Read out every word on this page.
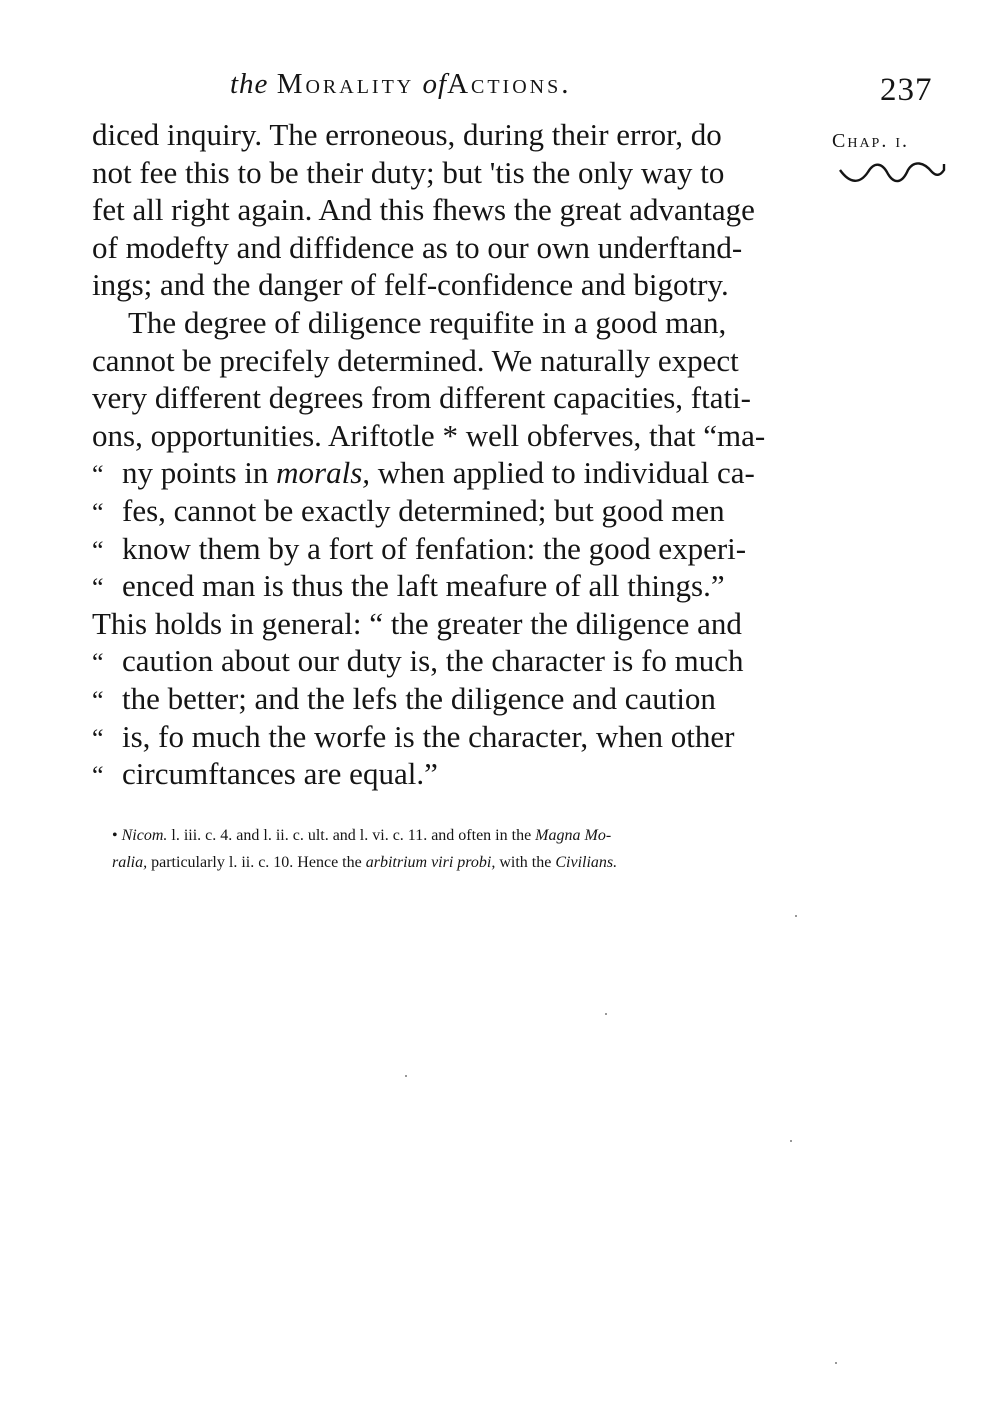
the Morality ofActions.	237
Chap. i.
diced inquiry. The erroneous, during their error, do
not fee this to be their duty; but 'tis the only way to
fet all right again. And this fhews the great advantage
of modefty and diffidence as to our own underftand-
ings; and the danger of felf-confidence and bigotry.
The degree of diligence requifite in a good man,
cannot be precifely determined. We naturally expect
very different degrees from different capacities, ftati-
ons, opportunities. Ariftotle * well obferves, that “ma-
“ ny points in morals, when applied to individual ca-
“ fes, cannot be exactly determined; but good men
“ know them by a fort of fenfation: the good experi-
“ enced man is thus the laft meafure of all things.”
This holds in general: “ the greater the diligence and
“ caution about our duty is, the character is fo much
“ the better; and the lefs the diligence and caution
“ is, fo much the worfe is the character, when other
“ circumftances are equal.”
• Nicom. l. iii. c. 4. and l. ii. c. ult. and l. vi. c. 11. and often in the Magna Mo-
ralia, particularly l. ii. c. 10. Hence the arbitrium viri probi, with the Civilians.
